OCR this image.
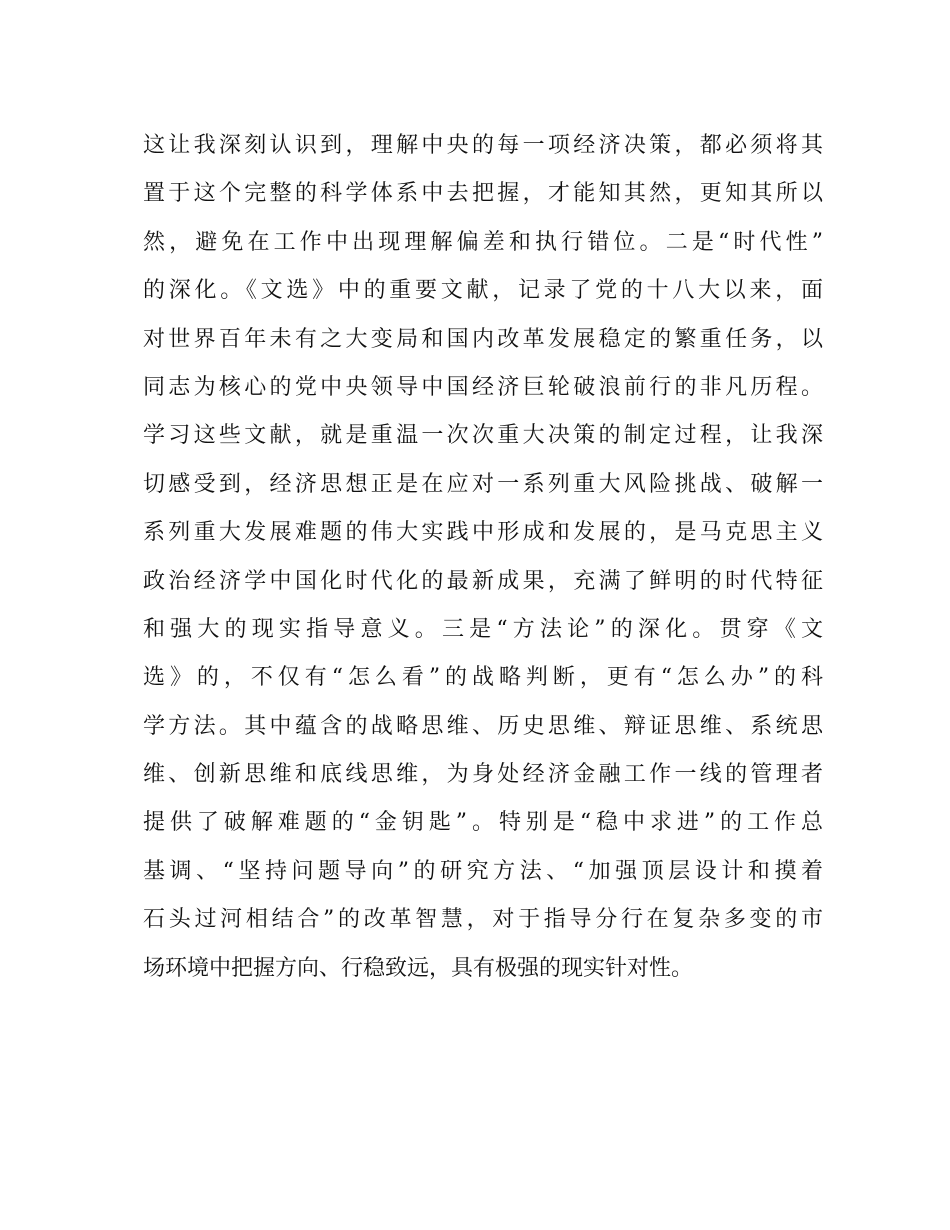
这让我深刻认识到，理解中央的每一项经济决策，都必须将其
置于这个完整的科学体系中去把握，才能知其然，更知其所以
然，避免在工作中出现理解偏差和执行错位。二是“时代性”
的深化。《文选》中的重要文献，记录了党的十八大以来，面
对世界百年未有之大变局和国内改革发展稳定的繁重任务，以
同志为核心的党中央领导中国经济巨轮破浪前行的非凡历程。
学习这些文献，就是重温一次次重大决策的制定过程，让我深
切感受到，经济思想正是在应对一系列重大风险挑战、破解一
系列重大发展难题的伟大实践中形成和发展的，是马克思主义
政治经济学中国化时代化的最新成果，充满了鲜明的时代特征
和强大的现实指导意义。三是“方法论”的深化。贯穿《文
选》的，不仅有“怎么看”的战略判断，更有“怎么办”的科
学方法。其中蕴含的战略思维、历史思维、辩证思维、系统思
维、创新思维和底线思维，为身处经济金融工作一线的管理者
提供了破解难题的“金钥匙”。特别是“稳中求进”的工作总
基调、“坚持问题导向”的研究方法、“加强顶层设计和摸着
石头过河相结合”的改革智慧，对于指导分行在复杂多变的市
场环境中把握方向、行稳致远，具有极强的现实针对性。
